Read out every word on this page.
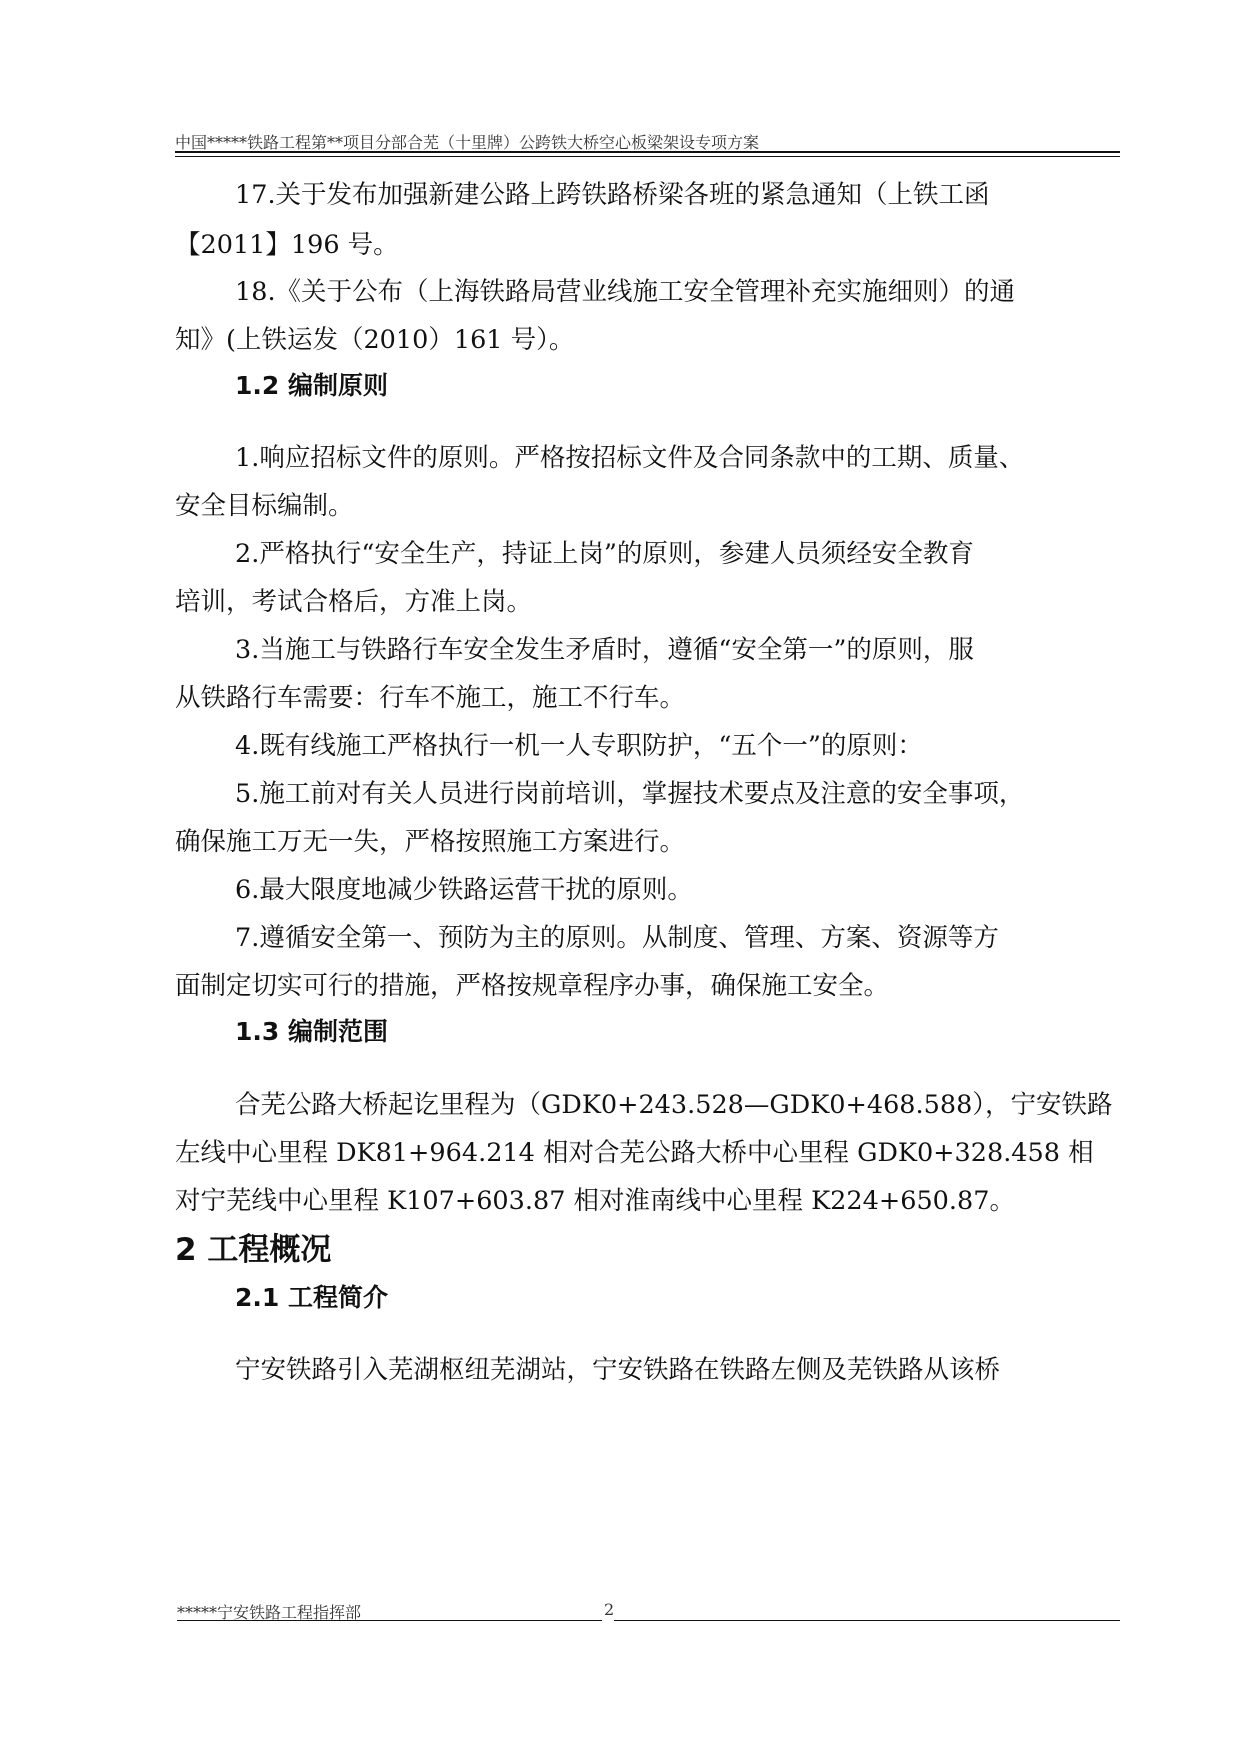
中国*****铁路工程第**项目分部合芜（十里牌）公跨铁大桥空心板梁架设专项方案
17.关于发布加强新建公路上跨铁路桥梁各班的紧急通知（上铁工函
【2011】196 号。
18.《关于公布（上海铁路局营业线施工安全管理补充实施细则）的通
知》(上铁运发（2010）161 号）。
1.2 编制原则
1.响应招标文件的原则。严格按招标文件及合同条款中的工期、质量、
安全目标编制。
2.严格执行“安全生产，持证上岗”的原则，参建人员须经安全教育
培训，考试合格后，方准上岗。
3.当施工与铁路行车安全发生矛盾时，遵循“安全第一”的原则，服
从铁路行车需要：行车不施工，施工不行车。
4.既有线施工严格执行一机一人专职防护，“五个一”的原则：
5.施工前对有关人员进行岗前培训，掌握技术要点及注意的安全事项，
确保施工万无一失，严格按照施工方案进行。
6.最大限度地减少铁路运营干扰的原则。
7.遵循安全第一、预防为主的原则。从制度、管理、方案、资源等方
面制定切实可行的措施，严格按规章程序办事，确保施工安全。
1.3 编制范围
合芜公路大桥起讫里程为（GDK0+243.528—GDK0+468.588），宁安铁路
左线中心里程 DK81+964.214 相对合芜公路大桥中心里程 GDK0+328.458 相
对宁芜线中心里程 K107+603.87 相对淮南线中心里程 K224+650.87。
2 工程概况
2.1 工程简介
宁安铁路引入芜湖枢纽芜湖站，宁安铁路在铁路左侧及芜铁路从该桥
*****宁安铁路工程指挥部	2
